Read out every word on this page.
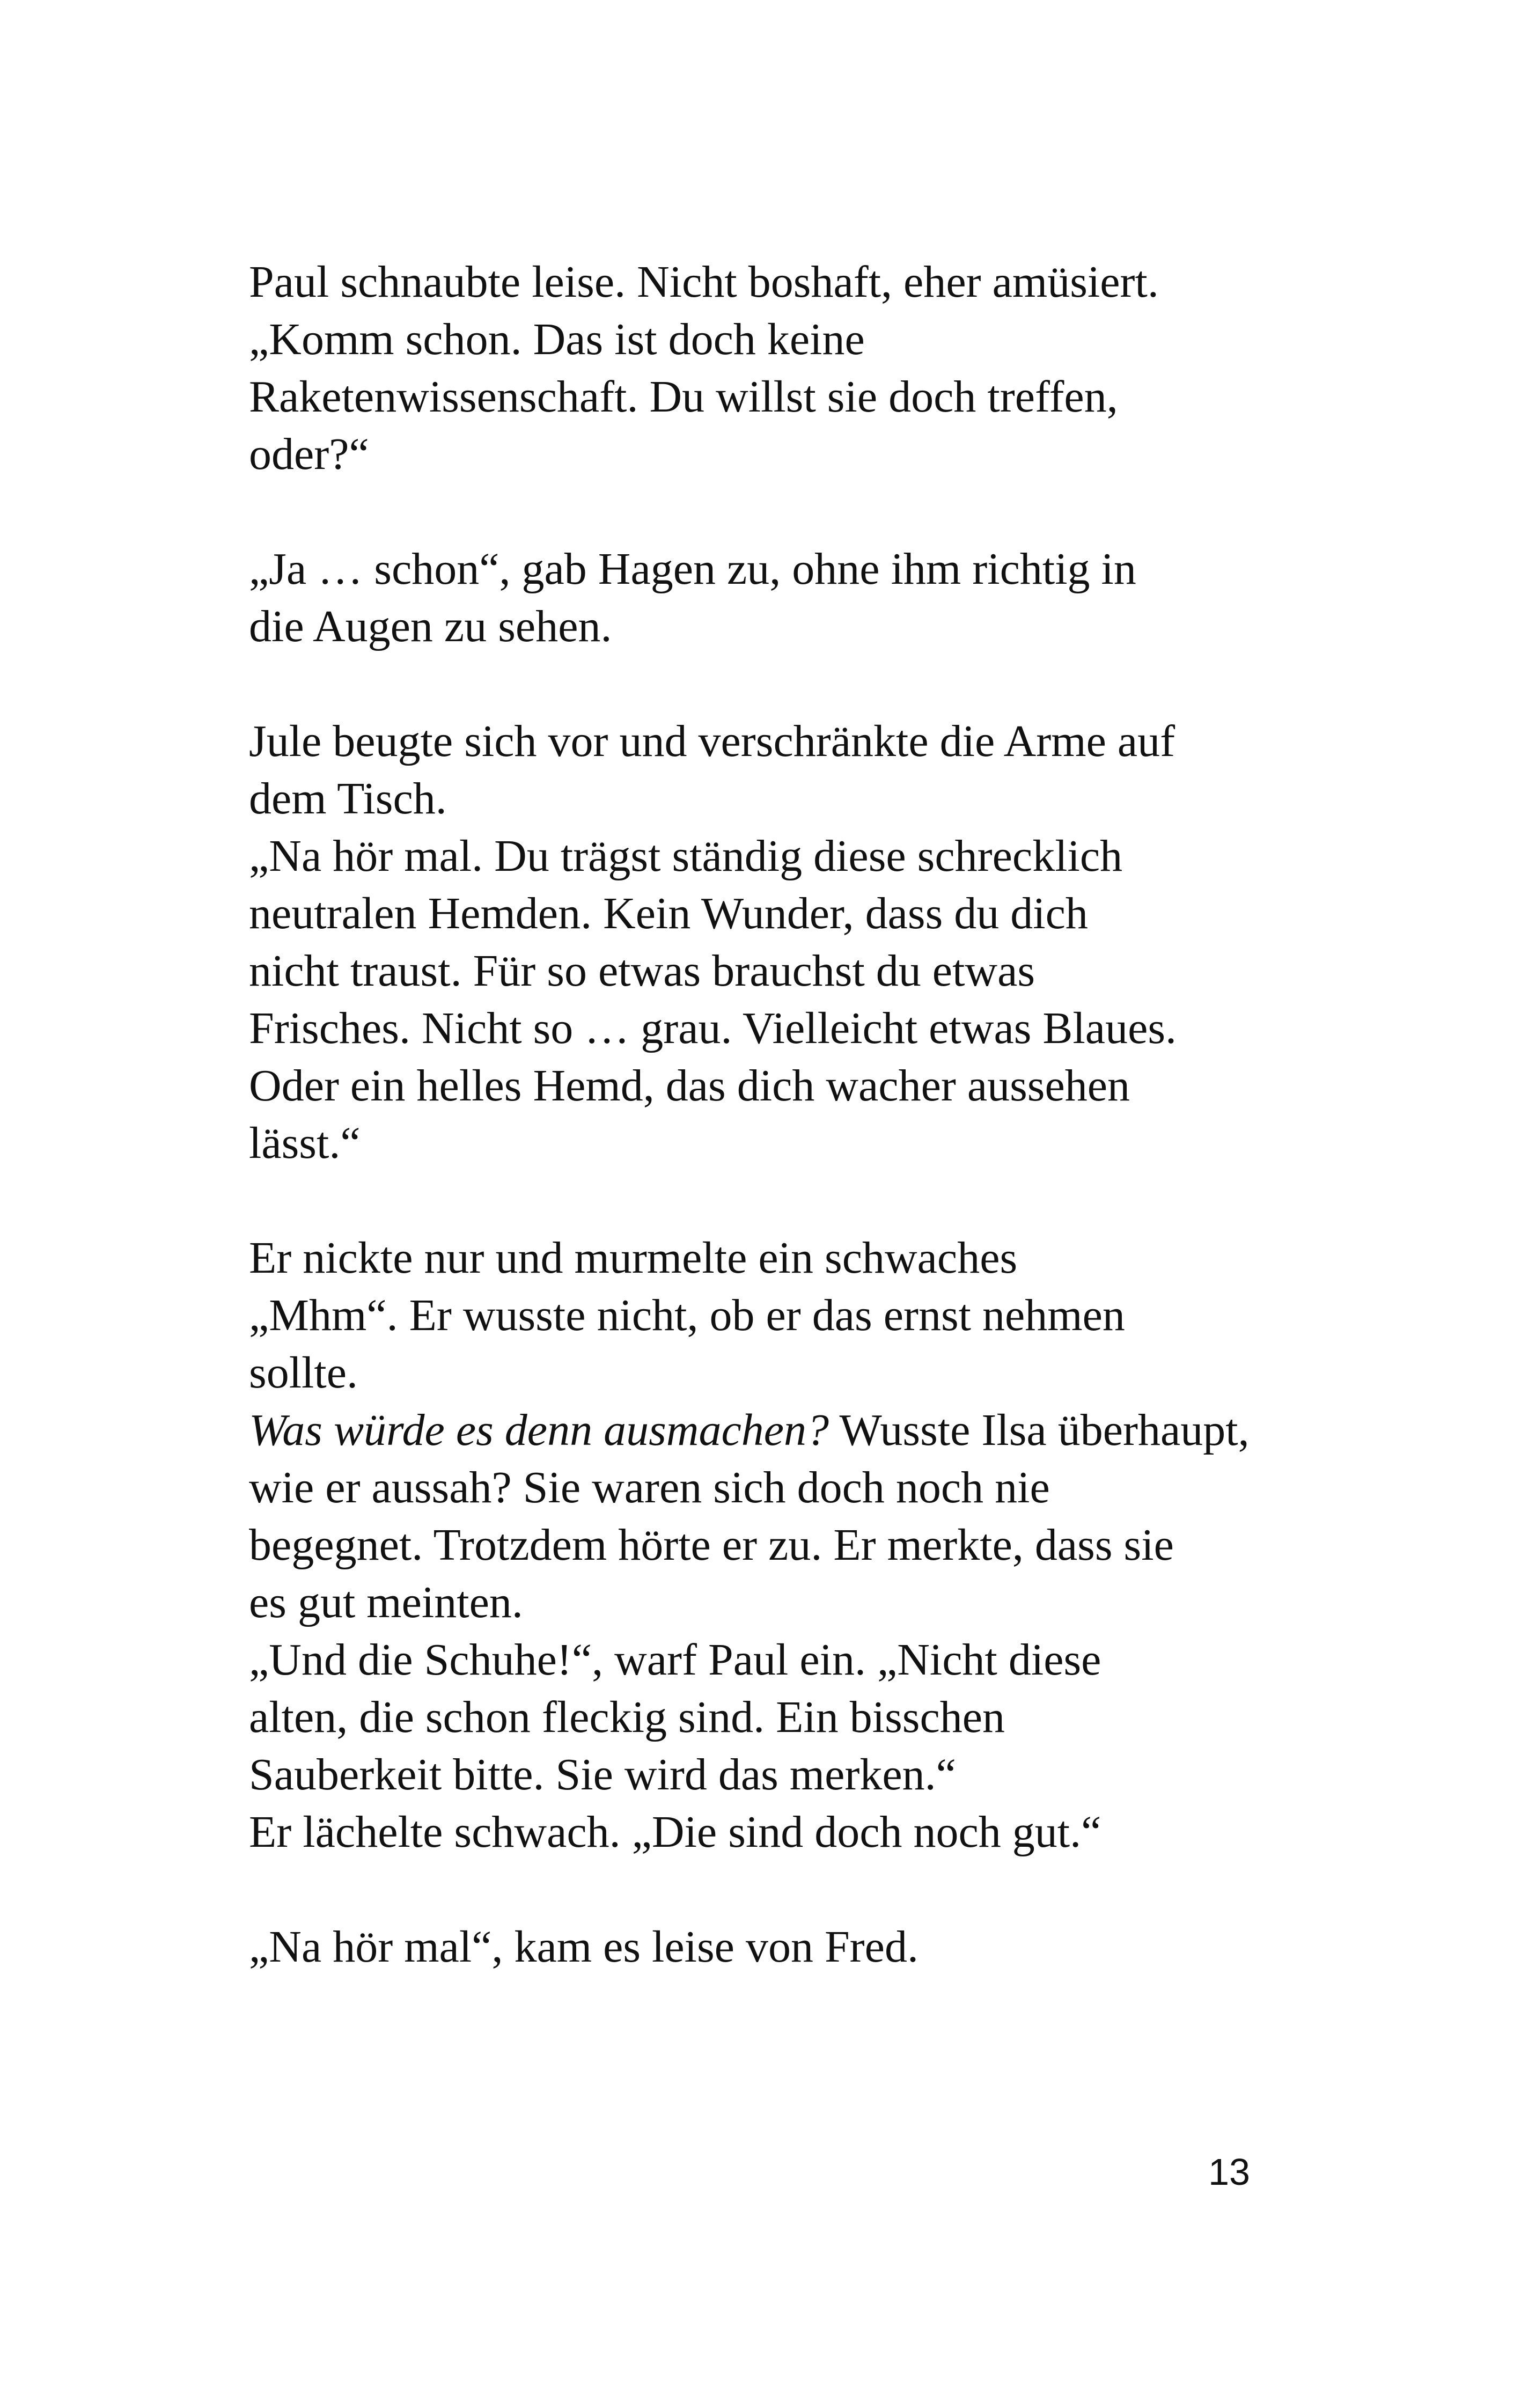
Paul schnaubte leise. Nicht boshaft, eher amüsiert.
„Komm schon. Das ist doch keine
Raketenwissenschaft. Du willst sie doch treffen,
oder?“
„Ja … schon“, gab Hagen zu, ohne ihm richtig in
die Augen zu sehen.
Jule beugte sich vor und verschränkte die Arme auf
dem Tisch.
„Na hör mal. Du trägst ständig diese schrecklich
neutralen Hemden. Kein Wunder, dass du dich
nicht traust. Für so etwas brauchst du etwas
Frisches. Nicht so … grau. Vielleicht etwas Blaues.
Oder ein helles Hemd, das dich wacher aussehen
lässt.“
Er nickte nur und murmelte ein schwaches
„Mhm“. Er wusste nicht, ob er das ernst nehmen
sollte.
Was würde es denn ausmachen? Wusste Ilsa überhaupt,
wie er aussah? Sie waren sich doch noch nie
begegnet. Trotzdem hörte er zu. Er merkte, dass sie
es gut meinten.
„Und die Schuhe!“, warf Paul ein. „Nicht diese
alten, die schon fleckig sind. Ein bisschen
Sauberkeit bitte. Sie wird das merken.“
Er lächelte schwach. „Die sind doch noch gut.“
„Na hör mal“, kam es leise von Fred.
13
